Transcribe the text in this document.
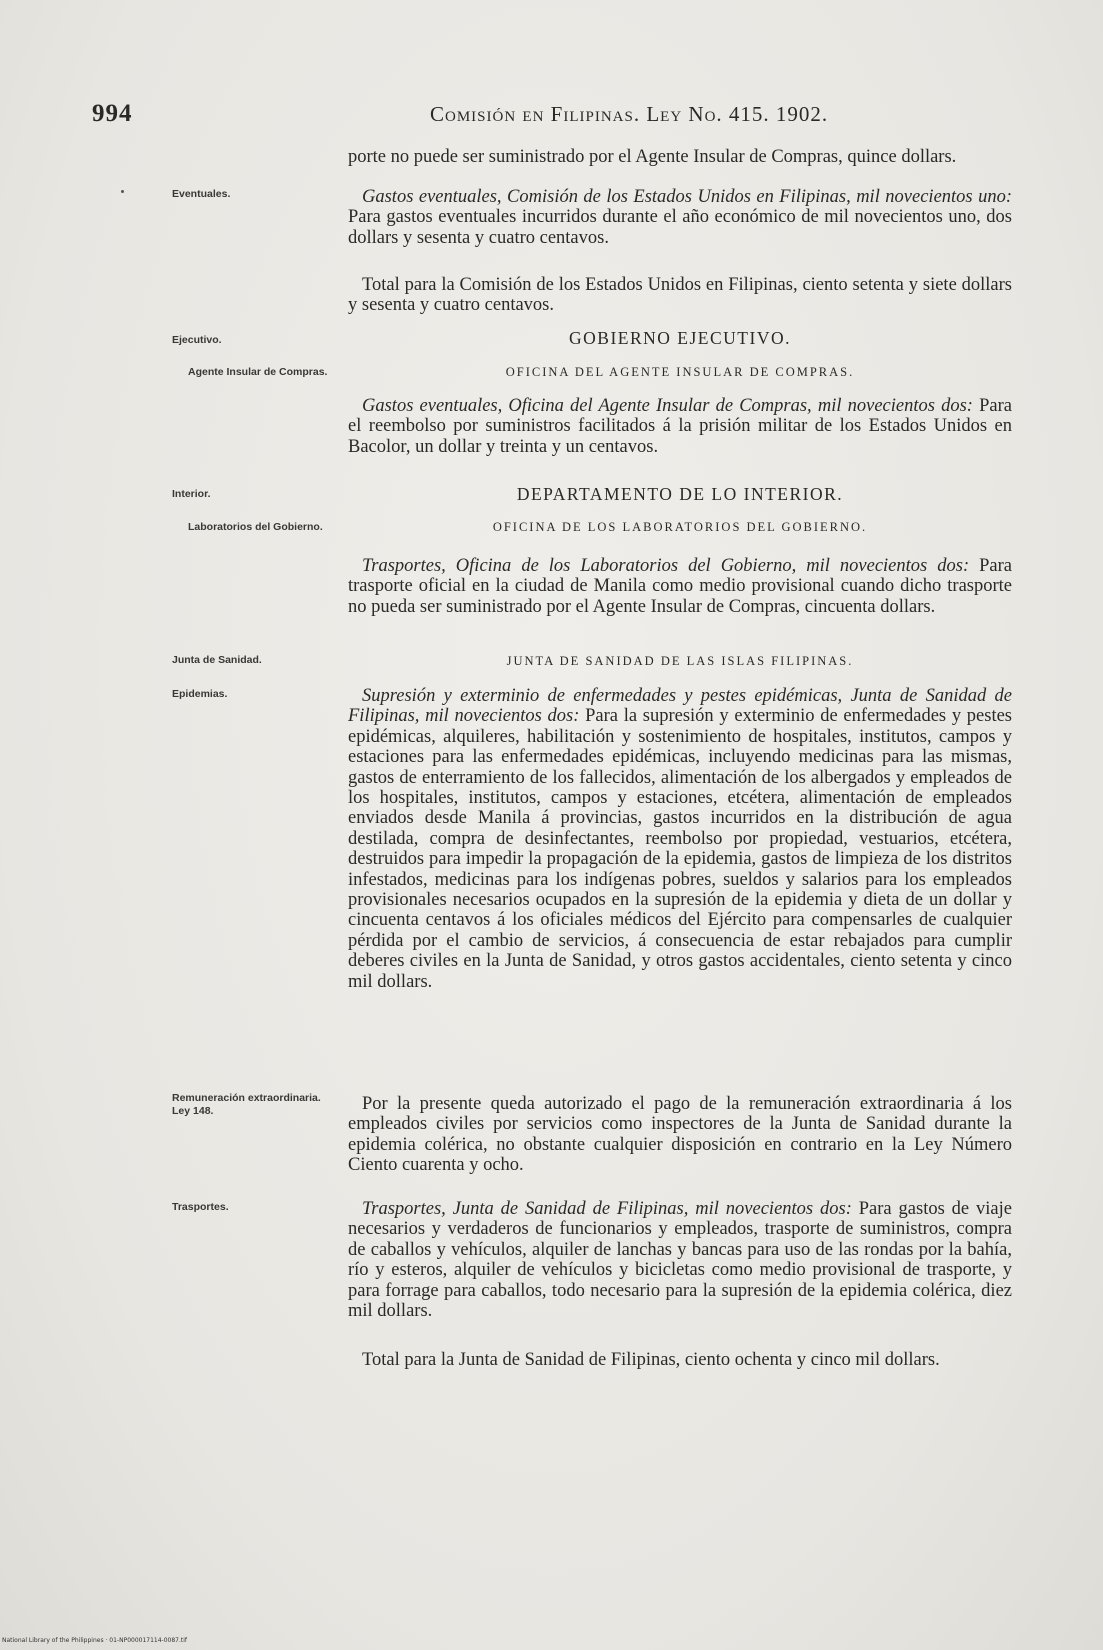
994	Comisión en Filipinas. Ley No. 415. 1902.

porte no puede ser suministrado por el Agente Insular de Compras, quince dollars.

Eventuales.	Gastos eventuales, Comisión de los Estados Unidos en Filipinas, mil novecientos uno: Para gastos eventuales incurridos durante el año económico de mil novecientos uno, dos dollars y sesenta y cuatro centavos.

Total para la Comisión de los Estados Unidos en Filipinas, ciento setenta y siete dollars y sesenta y cuatro centavos.

Ejecutivo.	GOBIERNO EJECUTIVO.
Agente Insular de Compras.	OFICINA DEL AGENTE INSULAR DE COMPRAS.

Gastos eventuales, Oficina del Agente Insular de Compras, mil novecientos dos: Para el reembolso por suministros facilitados á la prisión militar de los Estados Unidos en Bacolor, un dollar y treinta y un centavos.

Interior.	DEPARTAMENTO DE LO INTERIOR.
Laboratorios del Gobierno.	OFICINA DE LOS LABORATORIOS DEL GOBIERNO.

Trasportes, Oficina de los Laboratorios del Gobierno, mil novecientos dos: Para trasporte oficial en la ciudad de Manila como medio provisional cuando dicho trasporte no pueda ser suministrado por el Agente Insular de Compras, cincuenta dollars.

Junta de Sanidad.	JUNTA DE SANIDAD DE LAS ISLAS FILIPINAS.
Epidemias.	Supresión y exterminio de enfermedades y pestes epidémicas, Junta de Sanidad de Filipinas, mil novecientos dos: Para la supresión y exterminio de enfermedades y pestes epidémicas, alquileres, habilitación y sostenimiento de hospitales, institutos, campos y estaciones para las enfermedades epidémicas, incluyendo medicinas para las mismas, gastos de enterramiento de los fallecidos, alimentación de los albergados y empleados de los hospitales, institutos, campos y estaciones, etcétera, alimentación de empleados enviados desde Manila á provincias, gastos incurridos en la distribución de agua destilada, compra de desinfectantes, reembolso por propiedad, vestuarios, etcétera, destruidos para impedir la propagación de la epidemia, gastos de limpieza de los distritos infestados, medicinas para los indígenas pobres, sueldos y salarios para los empleados provisionales necesarios ocupados en la supresión de la epidemia y dieta de un dollar y cincuenta centavos á los oficiales médicos del Ejército para compensarles de cualquier pérdida por el cambio de servicios, á consecuencia de estar rebajados para cumplir deberes civiles en la Junta de Sanidad, y otros gastos accidentales, ciento setenta y cinco mil dollars.

Remuneración extraordinaria. Ley 148.	Por la presente queda autorizado el pago de la remuneración extraordinaria á los empleados civiles por servicios como inspectores de la Junta de Sanidad durante la epidemia colérica, no obstante cualquier disposición en contrario en la Ley Número Ciento cuarenta y ocho.

Trasportes.	Trasportes, Junta de Sanidad de Filipinas, mil novecientos dos: Para gastos de viaje necesarios y verdaderos de funcionarios y empleados, trasporte de suministros, compra de caballos y vehículos, alquiler de lanchas y bancas para uso de las rondas por la bahía, río y esteros, alquiler de vehículos y bicicletas como medio provisional de trasporte, y para forrage para caballos, todo necesario para la supresión de la epidemia colérica, diez mil dollars.

Total para la Junta de Sanidad de Filipinas, ciento ochenta y cinco mil dollars.

National Library of the Philippines · 01-NP000017114-0087.tif
